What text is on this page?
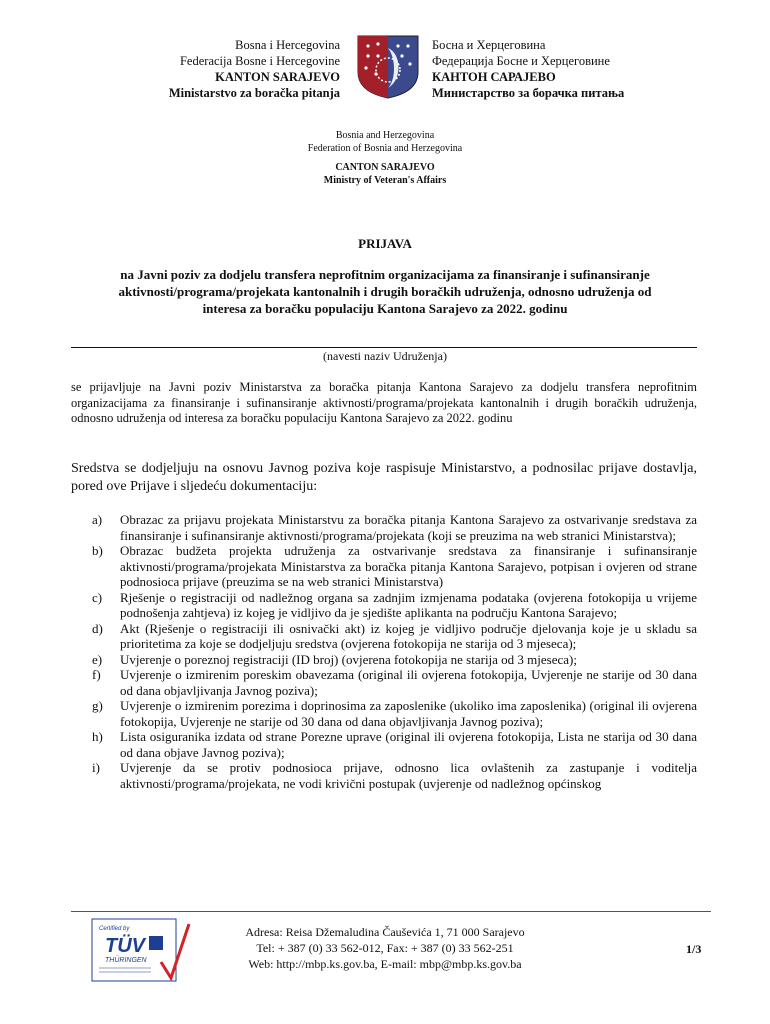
Bosna i Hercegovina
Federacija Bosne i Hercegovine
KANTON SARAJEVO
Ministarstvo za boračka pitanja
Босна и Херцеговина
Федерација Босне и Херцеговине
КАНТОН САРАЈЕВО
Министарство за борачка питања
Bosnia and Herzegovina
Federation of Bosnia and Herzegovina
CANTON SARAJEVO
Ministry of Veteran's Affairs
PRIJAVA
na Javni poziv za dodjelu transfera neprofitnim organizacijama za finansiranje i sufinansiranje aktivnosti/programa/projekata kantonalnih i drugih boračkih udruženja, odnosno udruženja od interesa za boračku populaciju Kantona Sarajevo za 2022. godinu
(navesti naziv Udruženja)
se prijavljuje na Javni poziv Ministarstva za boračka pitanja Kantona Sarajevo za dodjelu transfera neprofitnim organizacijama za finansiranje i sufinansiranje aktivnosti/programa/projekata kantonalnih i drugih boračkih udruženja, odnosno udruženja od interesa za boračku populaciju Kantona Sarajevo za 2022. godinu
Sredstva se dodjeljuju na osnovu Javnog poziva koje raspisuje Ministarstvo, a podnosilac prijave dostavlja, pored ove Prijave i sljedeću dokumentaciju:
a) Obrazac za prijavu projekata Ministarstvu za boračka pitanja Kantona Sarajevo za ostvarivanje sredstava za finansiranje i sufinansiranje aktivnosti/programa/projekata (koji se preuzima na web stranici Ministarstva);
b) Obrazac budžeta projekta udruženja za ostvarivanje sredstava za finansiranje i sufinansiranje aktivnosti/programa/projekata Ministarstva za boračka pitanja Kantona Sarajevo, potpisan i ovjeren od strane podnosioca prijave (preuzima se na web stranici Ministarstva)
c) Rješenje o registraciji od nadležnog organa sa zadnjim izmjenama podataka (ovjerena fotokopija u vrijeme podnošenja zahtjeva) iz kojeg je vidljivo da je sjedište aplikanta na području Kantona Sarajevo;
d) Akt (Rješenje o registraciji ili osnivački akt) iz kojeg je vidljivo područje djelovanja koje je u skladu sa prioritetima za koje se dodjeljuju sredstva (ovjerena fotokopija ne starija od 3 mjeseca);
e) Uvjerenje o poreznoj registraciji (ID broj) (ovjerena fotokopija ne starija od 3 mjeseca);
f) Uvjerenje o izmirenim poreskim obavezama (original ili ovjerena fotokopija, Uvjerenje ne starije od 30 dana od dana objavljivanja Javnog poziva);
g) Uvjerenje o izmirenim porezima i doprinosima za zaposlenike (ukoliko ima zaposlenika) (original ili ovjerena fotokopija, Uvjerenje ne starije od 30 dana od dana objavljivanja Javnog poziva);
h) Lista osiguranika izdata od strane Porezne uprave (original ili ovjerena fotokopija, Lista ne starija od 30 dana od dana objave Javnog poziva);
i) Uvjerenje da se protiv podnosioca prijave, odnosno lica ovlaštenih za zastupanje i voditelja aktivnosti/programa/projekata, ne vodi krivični postupak (uvjerenje od nadležnog općinskog
Certified by
TÜV
THÜRINGEN
Adresa: Reisa Džemaludina Čauševića 1, 71 000 Sarajevo
Tel: + 387 (0) 33 562-012, Fax: + 387 (0) 33 562-251
Web: http://mbp.ks.gov.ba, E-mail: mbp@mbp.ks.gov.ba
1/3
